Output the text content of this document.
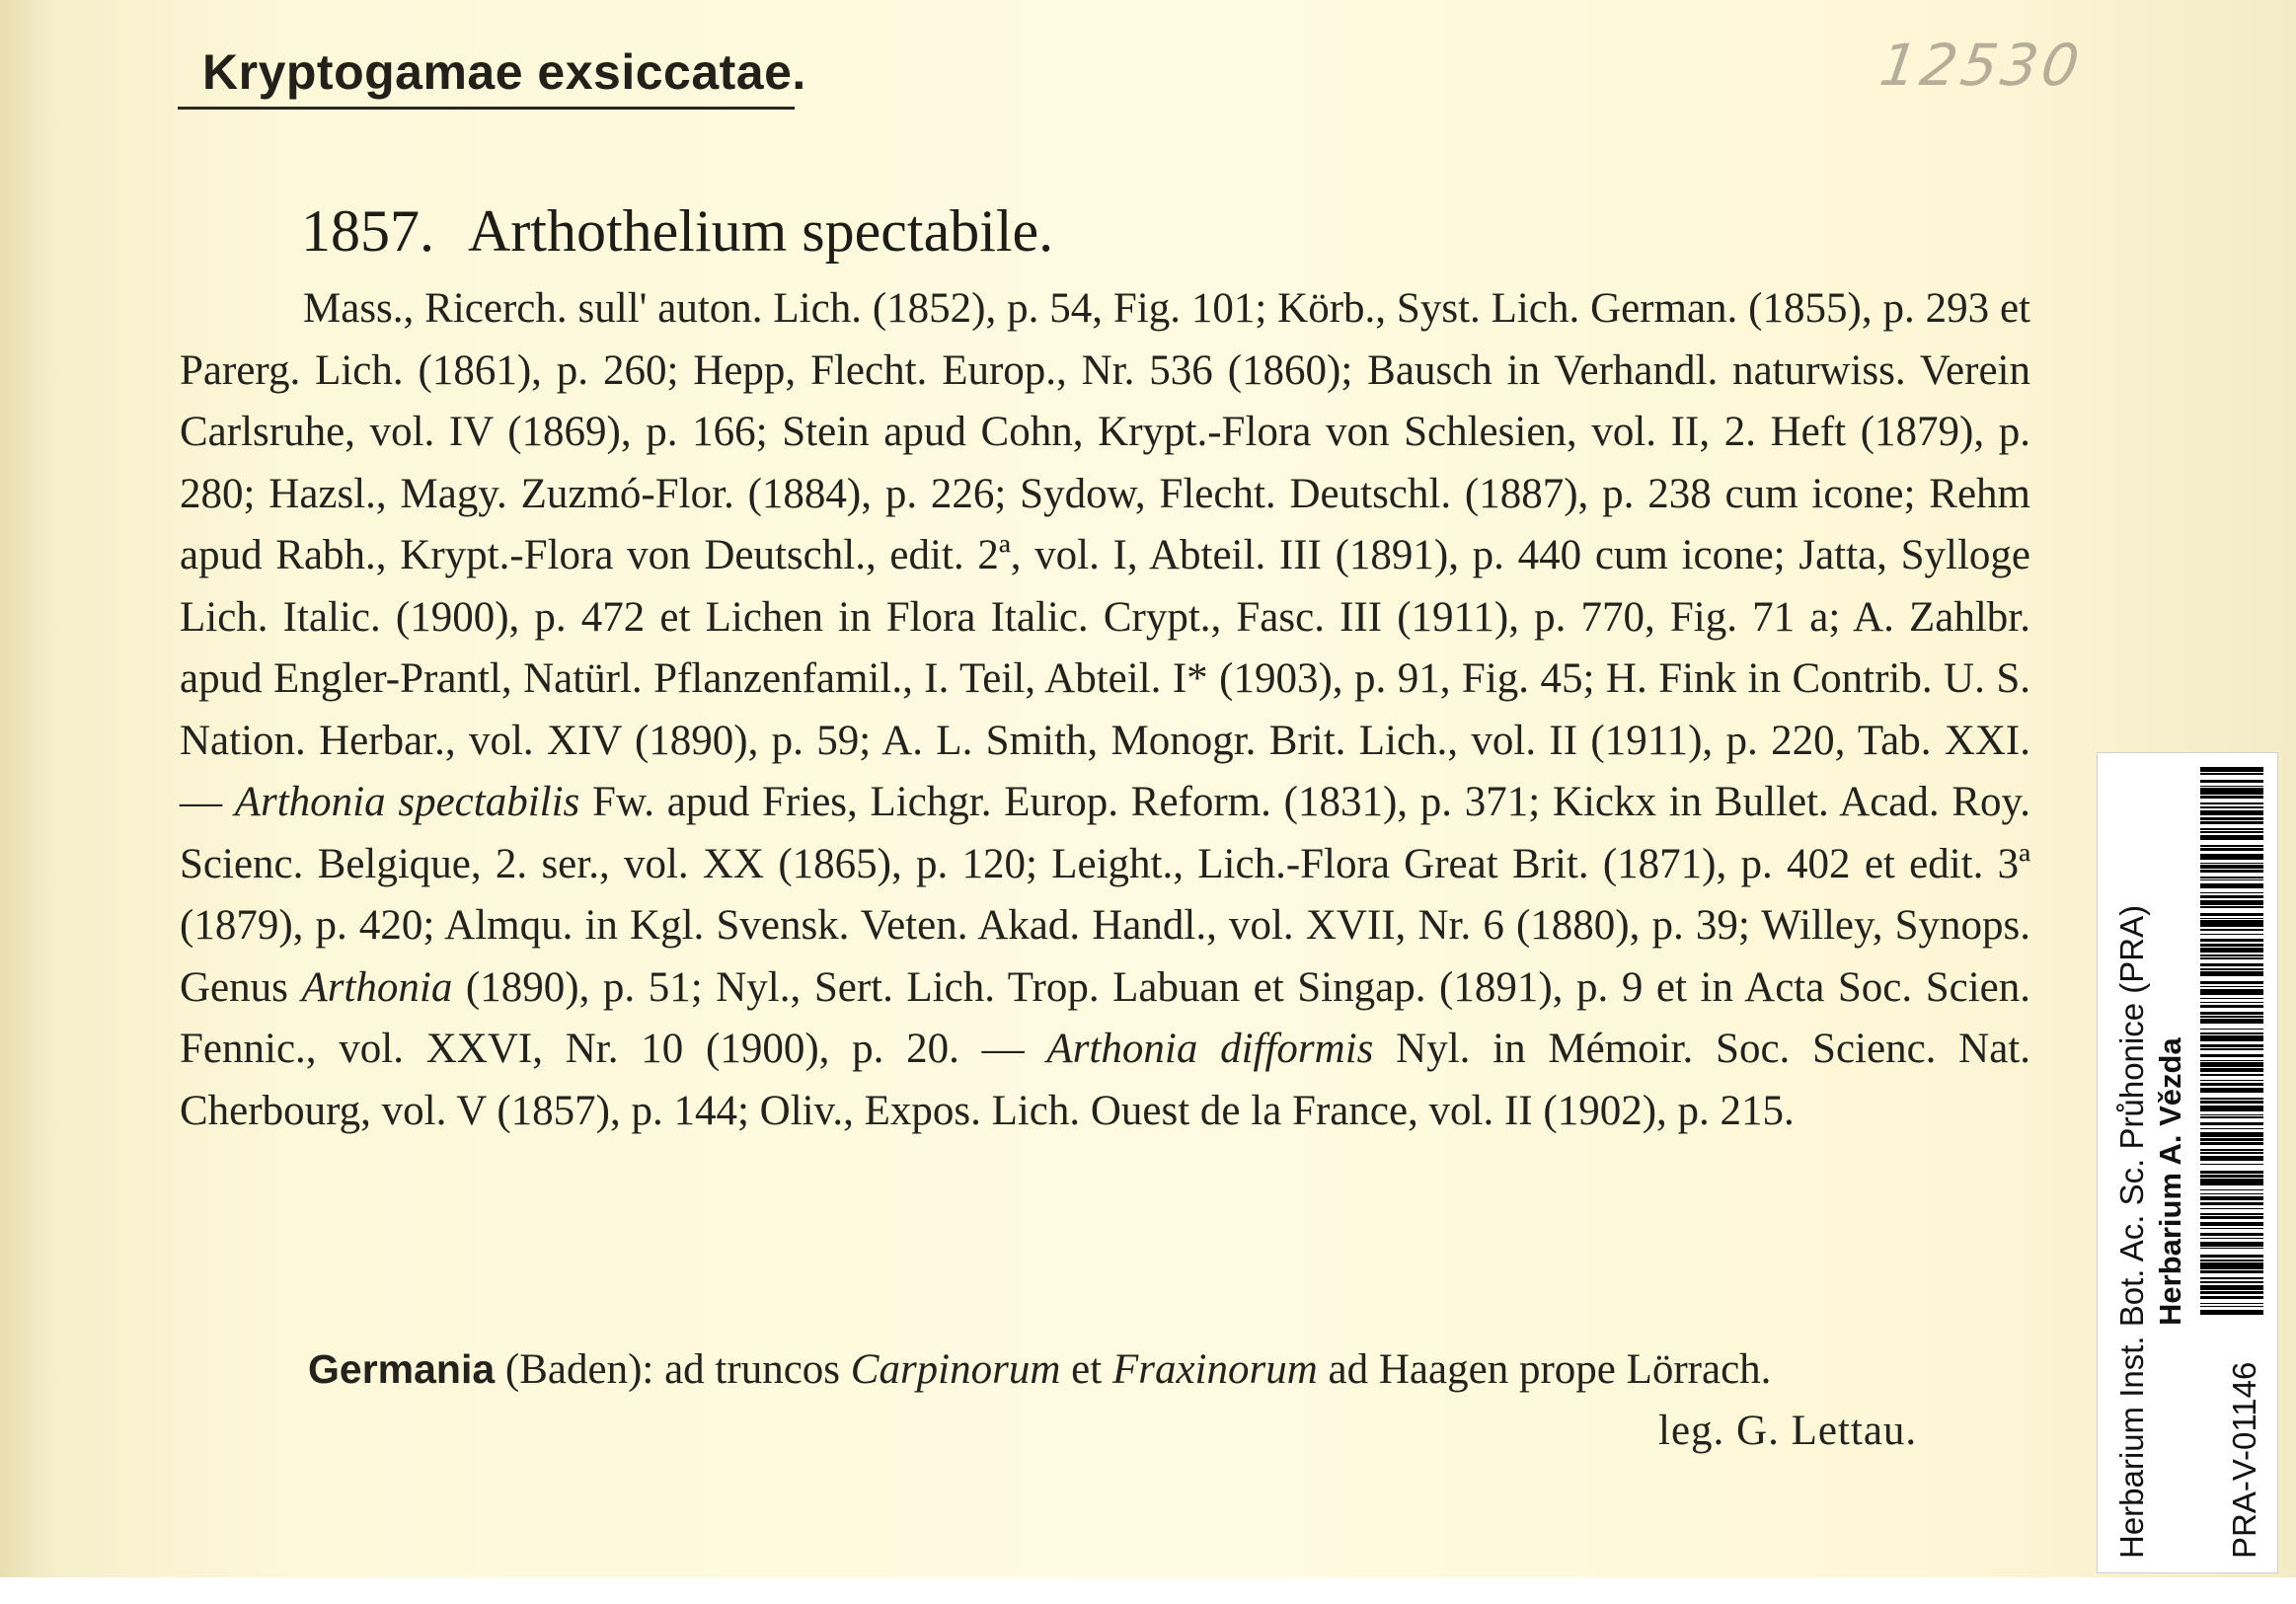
Kryptogamae exsiccatae.	12530
1857. Arthothelium spectabile.
Mass., Ricerch. sull' auton. Lich. (1852), p. 54, Fig. 101; Körb., Syst. Lich. German. (1855), p. 293 et Parerg. Lich. (1861), p. 260; Hepp, Flecht. Europ., Nr. 536 (1860); Bausch in Verhandl. naturwiss. Verein Carlsruhe, vol. IV (1869), p. 166; Stein apud Cohn, Krypt.-Flora von Schlesien, vol. II, 2. Heft (1879), p. 280; Hazsl., Magy. Zuzmó-Flor. (1884), p. 226; Sydow, Flecht. Deutschl. (1887), p. 238 cum icone; Rehm apud Rabh., Krypt.-Flora von Deutschl., edit. 2ª, vol. I, Abteil. III (1891), p. 440 cum icone; Jatta, Sylloge Lich. Italic. (1900), p. 472 et Lichen in Flora Italic. Crypt., Fasc. III (1911), p. 770, Fig. 71 a; A. Zahlbr. apud Engler-Prantl, Natürl. Pflanzenfamil., I. Teil, Abteil. I* (1903), p. 91, Fig. 45; H. Fink in Contrib. U. S. Nation. Herbar., vol. XIV (1890), p. 59; A. L. Smith, Monogr. Brit. Lich., vol. II (1911), p. 220, Tab. XXI. — Arthonia spectabilis Fw. apud Fries, Lichgr. Europ. Reform. (1831), p. 371; Kickx in Bullet. Acad. Roy. Scienc. Belgique, 2. ser., vol. XX (1865), p. 120; Leight., Lich.-Flora Great Brit. (1871), p. 402 et edit. 3ª (1879), p. 420; Almqu. in Kgl. Svensk. Veten. Akad. Handl., vol. XVII, Nr. 6 (1880), p. 39; Willey, Synops. Genus Arthonia (1890), p. 51; Nyl., Sert. Lich. Trop. Labuan et Singap. (1891), p. 9 et in Acta Soc. Scien. Fennic., vol. XXVI, Nr. 10 (1900), p. 20. — Arthonia difformis Nyl. in Mémoir. Soc. Scienc. Nat. Cherbourg, vol. V (1857), p. 144; Oliv., Expos. Lich. Ouest de la France, vol. II (1902), p. 215.
Germania (Baden): ad truncos Carpinorum et Fraxinorum ad Haagen prope Lörrach.
leg. G. Lettau.	Herbarium Inst. Bot. Ac. Sc. Průhonice (PRA) Herbarium A. Vězda
PRA-V-01146
